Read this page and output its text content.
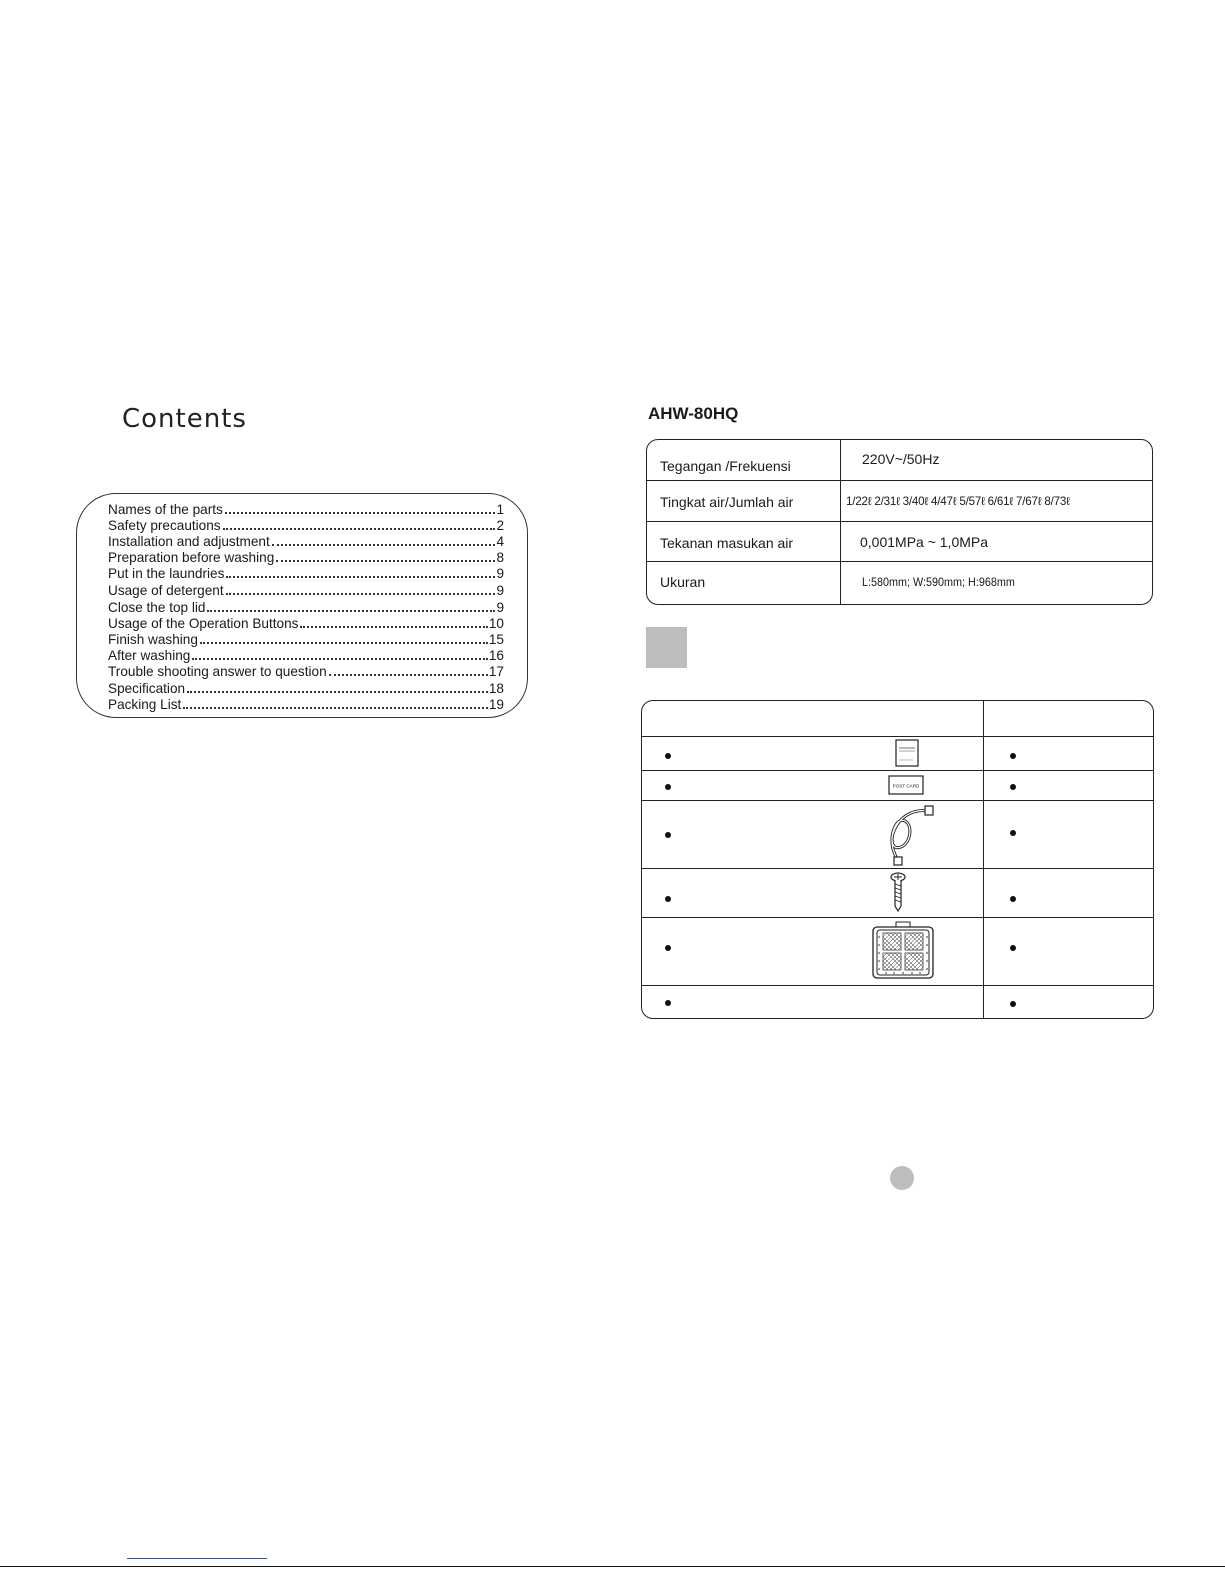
Contents
Names of the parts	1
Safety precautions	2
Installation and adjustment	4
Preparation before washing	8
Put in the laundries	9
Usage of detergent	9
Close the top lid	9
Usage of the Operation Buttons	10
Finish washing	15
After washing	16
Trouble shooting answer to question	17
Specification	18
Packing List	19
AHW-80HQ
Tegangan /Frekuensi	220V~/50Hz
Tingkat air/Jumlah air	1/22ℓ 2/31ℓ 3/40ℓ 4/47ℓ 5/57ℓ 6/61ℓ 7/67ℓ 8/73ℓ
Tekanan masukan air	0,001MPa ~ 1,0MPa
Ukuran	L:580mm; W:590mm; H:968mm
POST CARD
